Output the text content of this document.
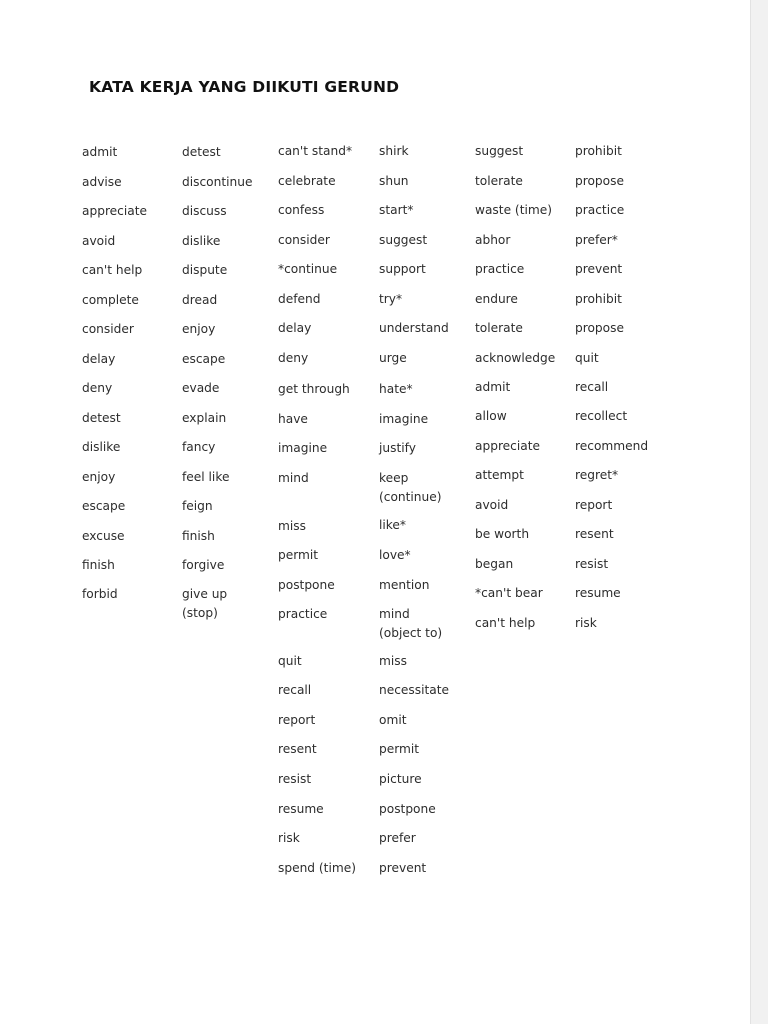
KATA KERJA YANG DIIKUTI GERUND
admit
advise
appreciate
avoid
can't help
complete
consider
delay
deny
detest
dislike
enjoy
escape
excuse
finish
forbid
detest
discontinue
discuss
dislike
dispute
dread
enjoy
escape
evade
explain
fancy
feel like
feign
finish
forgive
give up
(stop)
can't stand*
celebrate
confess
consider
*continue
defend
delay
deny
get through
have
imagine
mind
miss
permit
postpone
practice
quit
recall
report
resent
resist
resume
risk
spend (time)
shirk
shun
start*
suggest
support
try*
understand
urge
hate*
imagine
justify
keep
(continue)
like*
love*
mention
mind
(object to)
miss
necessitate
omit
permit
picture
postpone
prefer
prevent
suggest
tolerate
waste (time)
abhor
practice
endure
tolerate
acknowledge
admit
allow
appreciate
attempt
avoid
be worth
began
*can't bear
can't help
prohibit
propose
practice
prefer*
prevent
prohibit
propose
quit
recall
recollect
recommend
regret*
report
resent
resist
resume
risk
